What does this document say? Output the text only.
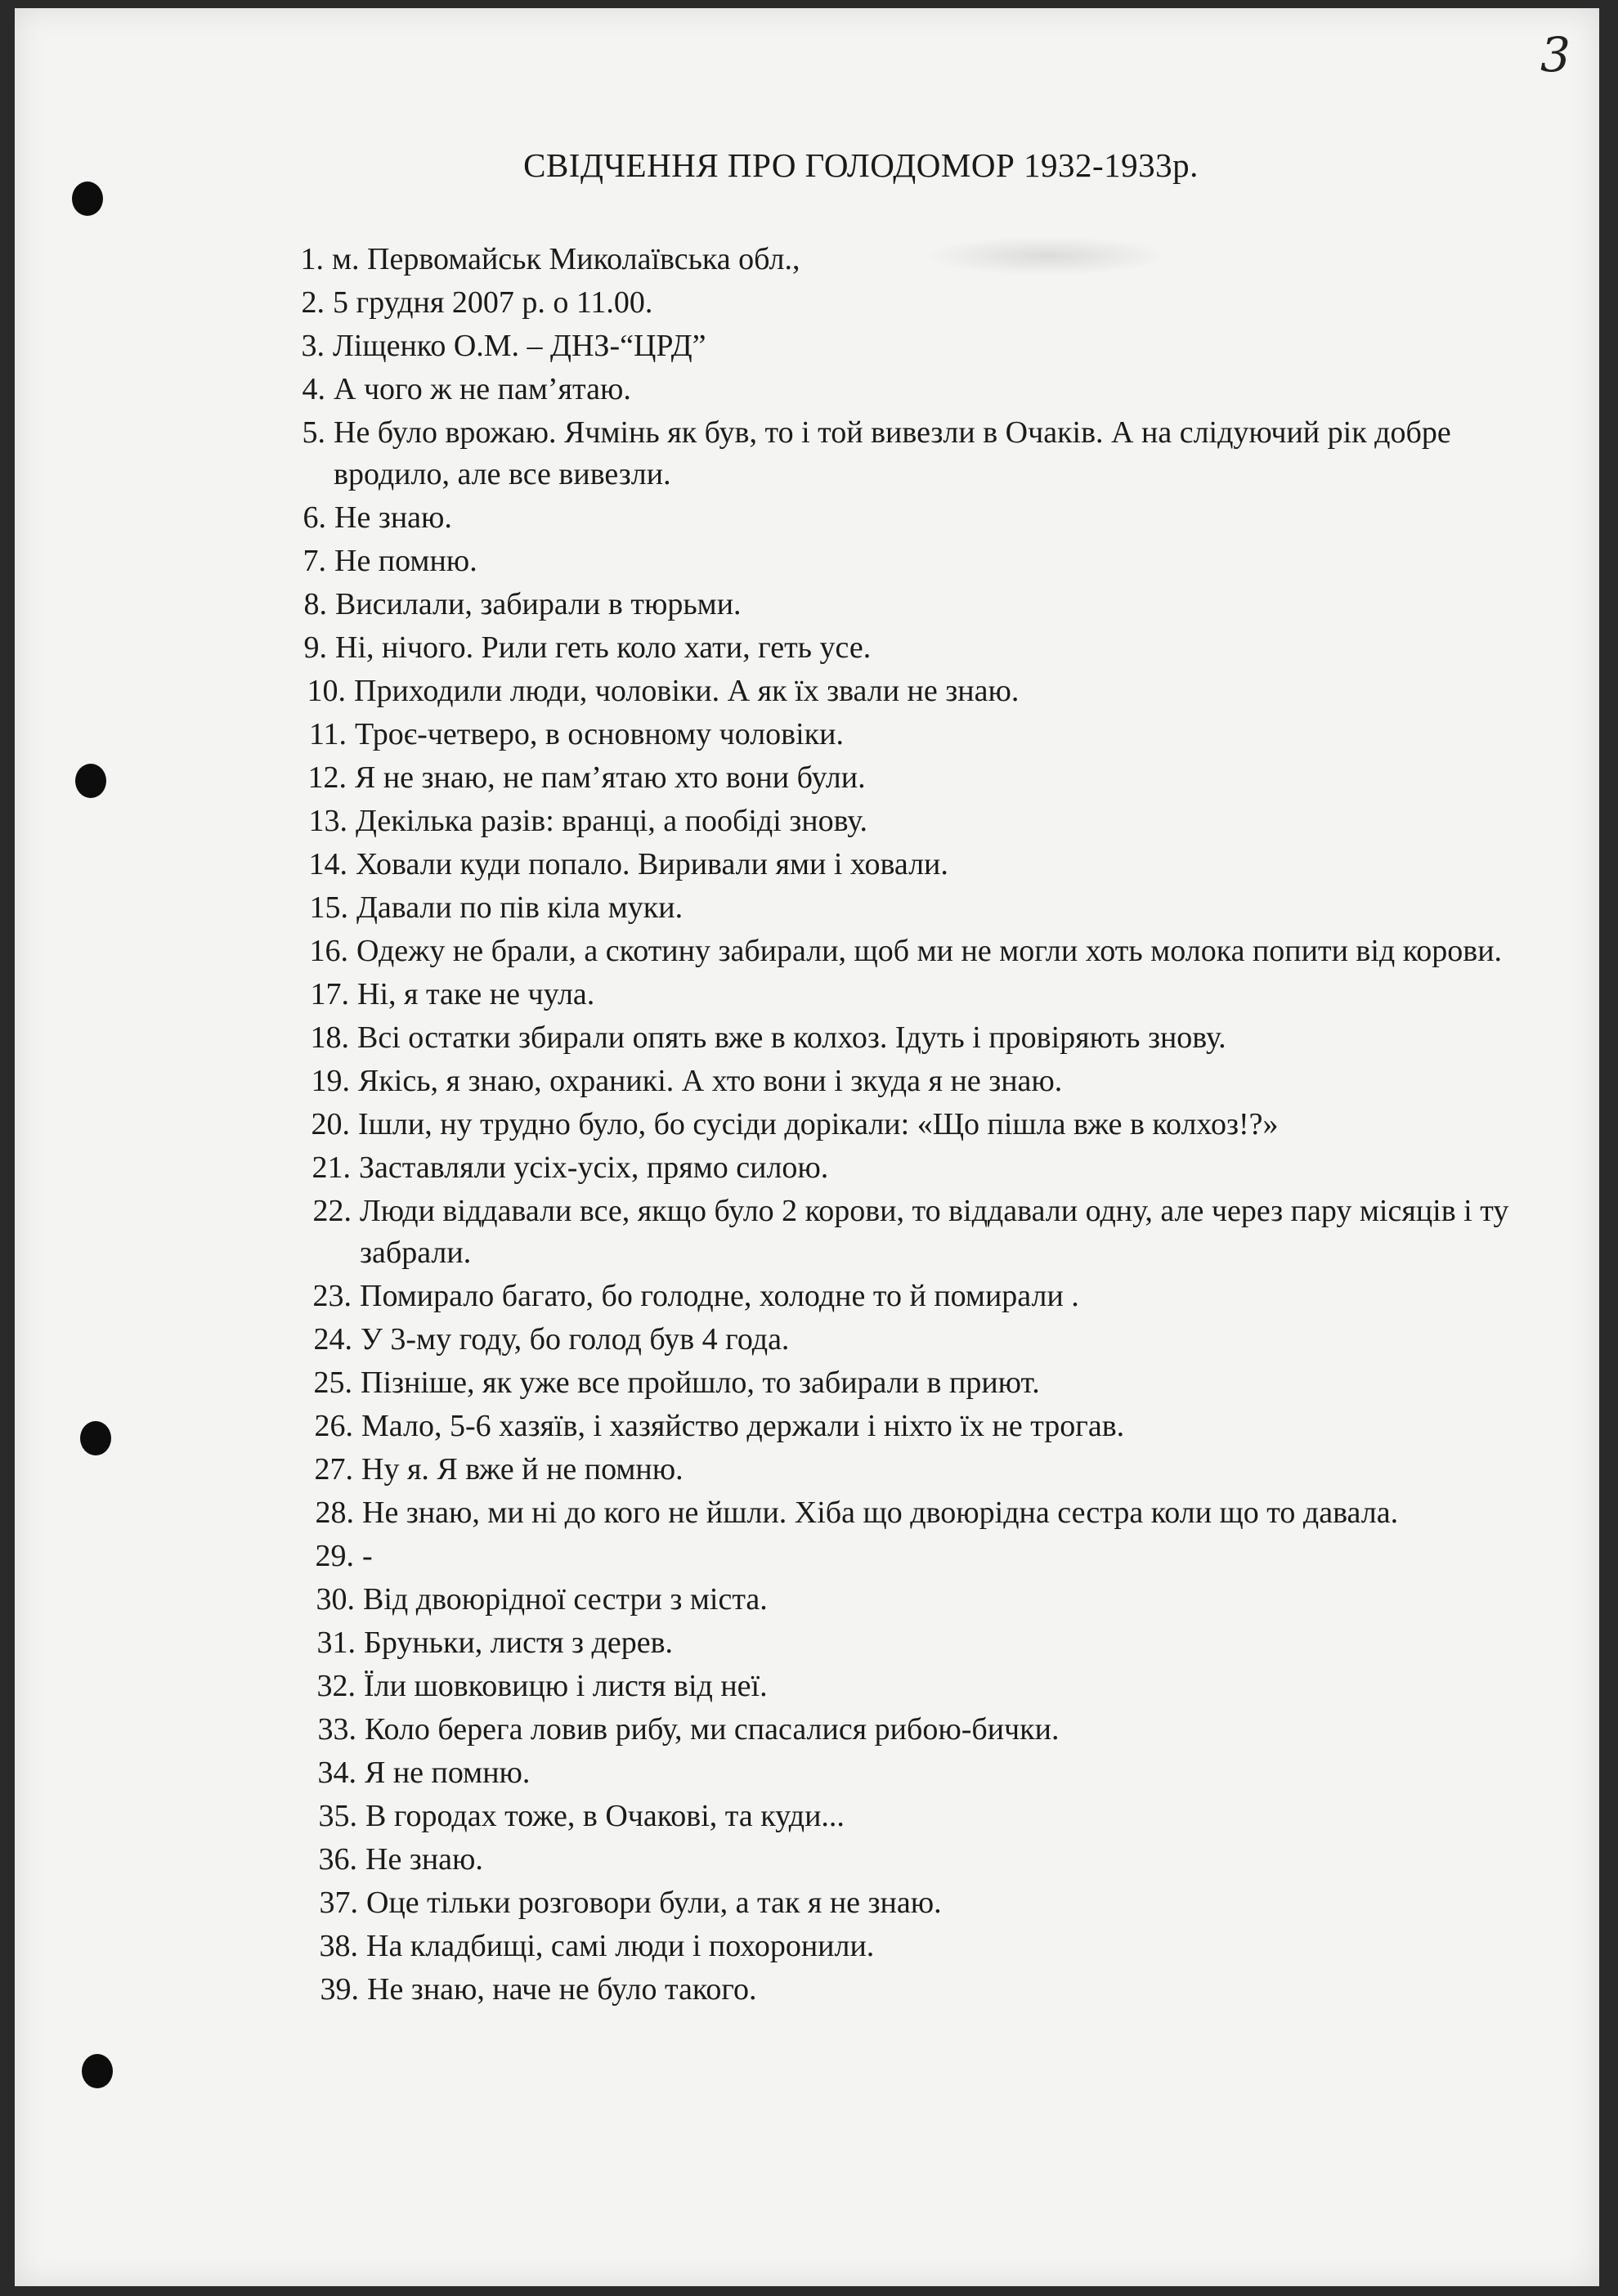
3
СВІДЧЕННЯ ПРО ГОЛОДОМОР 1932-1933р.
1. м. Первомайськ Миколаївська обл.,
2. 5 грудня 2007 р. о 11.00.
3. Ліщенко О.М. – ДНЗ-“ЦРД”
4. А чого ж не пам’ятаю.
5. Не було врожаю. Ячмінь як був, то і той вивезли в Очаків. А на слідуючий рік добре вродило, але все вивезли.
6. Не знаю.
7. Не помню.
8. Висилали, забирали в тюрьми.
9. Ні, нічого. Рили геть коло хати, геть усе.
10. Приходили люди, чоловіки. А як їх звали не знаю.
11. Троє-четверо, в основному чоловіки.
12. Я не знаю, не пам’ятаю хто вони були.
13. Декілька разів: вранці, а пообіді знову.
14. Ховали куди попало. Виривали ями і ховали.
15. Давали по пів кіла муки.
16. Одежу не брали, а скотину забирали, щоб ми не могли хоть молока попити від корови.
17. Ні, я таке не чула.
18. Всі остатки збирали опять вже в колхоз. Ідуть і провіряють знову.
19. Якісь, я знаю, охраникі. А хто вони і зкуда я не знаю.
20. Ішли, ну трудно було, бо сусіди дорікали: «Що пішла вже в колхоз!?»
21. Заставляли усіх-усіх, прямо силою.
22. Люди віддавали все, якщо було 2 корови, то віддавали одну, але через пару місяців і ту забрали.
23. Помирало багато, бо голодне, холодне то й помирали .
24. У 3-му году, бо голод був 4 года.
25. Пізніше, як уже все пройшло, то забирали в приют.
26. Мало, 5-6 хазяїв, і хазяйство держали і ніхто їх не трогав.
27. Ну я. Я вже й не помню.
28. Не знаю, ми ні до кого не йшли. Хіба що двоюрідна сестра коли що то давала.
29. -
30. Від двоюрідної сестри з міста.
31. Бруньки, листя з дерев.
32. Їли шовковицю і листя від неї.
33. Коло берега ловив рибу, ми спасалися рибою-бички.
34. Я не помню.
35. В городах тоже, в Очакові, та куди...
36. Не знаю.
37. Оце тільки розговори були, а так я не знаю.
38. На кладбищі, самі люди і похоронили.
39. Не знаю, наче не було такого.
